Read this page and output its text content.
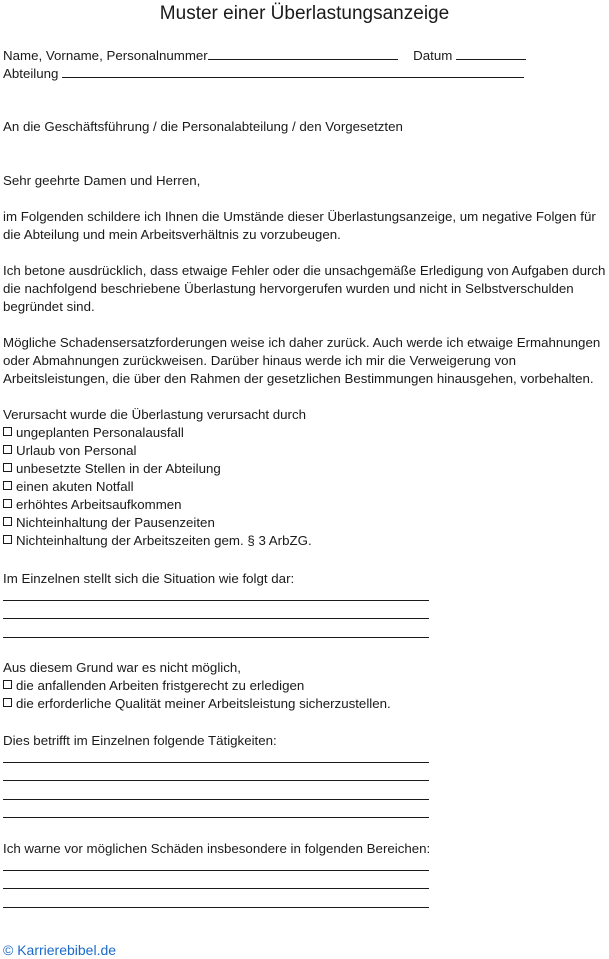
Muster einer Überlastungsanzeige
Name, Vorname, Personalnummer	Datum
Abteilung
An die Geschäftsführung / die Personalabteilung / den Vorgesetzten
Sehr geehrte Damen und Herren,
im Folgenden schildere ich Ihnen die Umstände dieser Überlastungsanzeige, um negative Folgen für die Abteilung und mein Arbeitsverhältnis zu vorzubeugen.
Ich betone ausdrücklich, dass etwaige Fehler oder die unsachgemäße Erledigung von Aufgaben durch die nachfolgend beschriebene Überlastung hervorgerufen wurden und nicht in Selbstverschulden begründet sind.
Mögliche Schadensersatzforderungen weise ich daher zurück. Auch werde ich etwaige Ermahnungen oder Abmahnungen zurückweisen. Darüber hinaus werde ich mir die Verweigerung von Arbeitsleistungen, die über den Rahmen der gesetzlichen Bestimmungen hinausgehen, vorbehalten.
Verursacht wurde die Überlastung verursacht durch
ungeplanten Personalausfall
Urlaub von Personal
unbesetzte Stellen in der Abteilung
einen akuten Notfall
erhöhtes Arbeitsaufkommen
Nichteinhaltung der Pausenzeiten
Nichteinhaltung der Arbeitszeiten gem. § 3 ArbZG.
Im Einzelnen stellt sich die Situation wie folgt dar:
Aus diesem Grund war es nicht möglich,
die anfallenden Arbeiten fristgerecht zu erledigen
die erforderliche Qualität meiner Arbeitsleistung sicherzustellen.
Dies betrifft im Einzelnen folgende Tätigkeiten:
Ich warne vor möglichen Schäden insbesondere in folgenden Bereichen:
© Karrierebibel.de
